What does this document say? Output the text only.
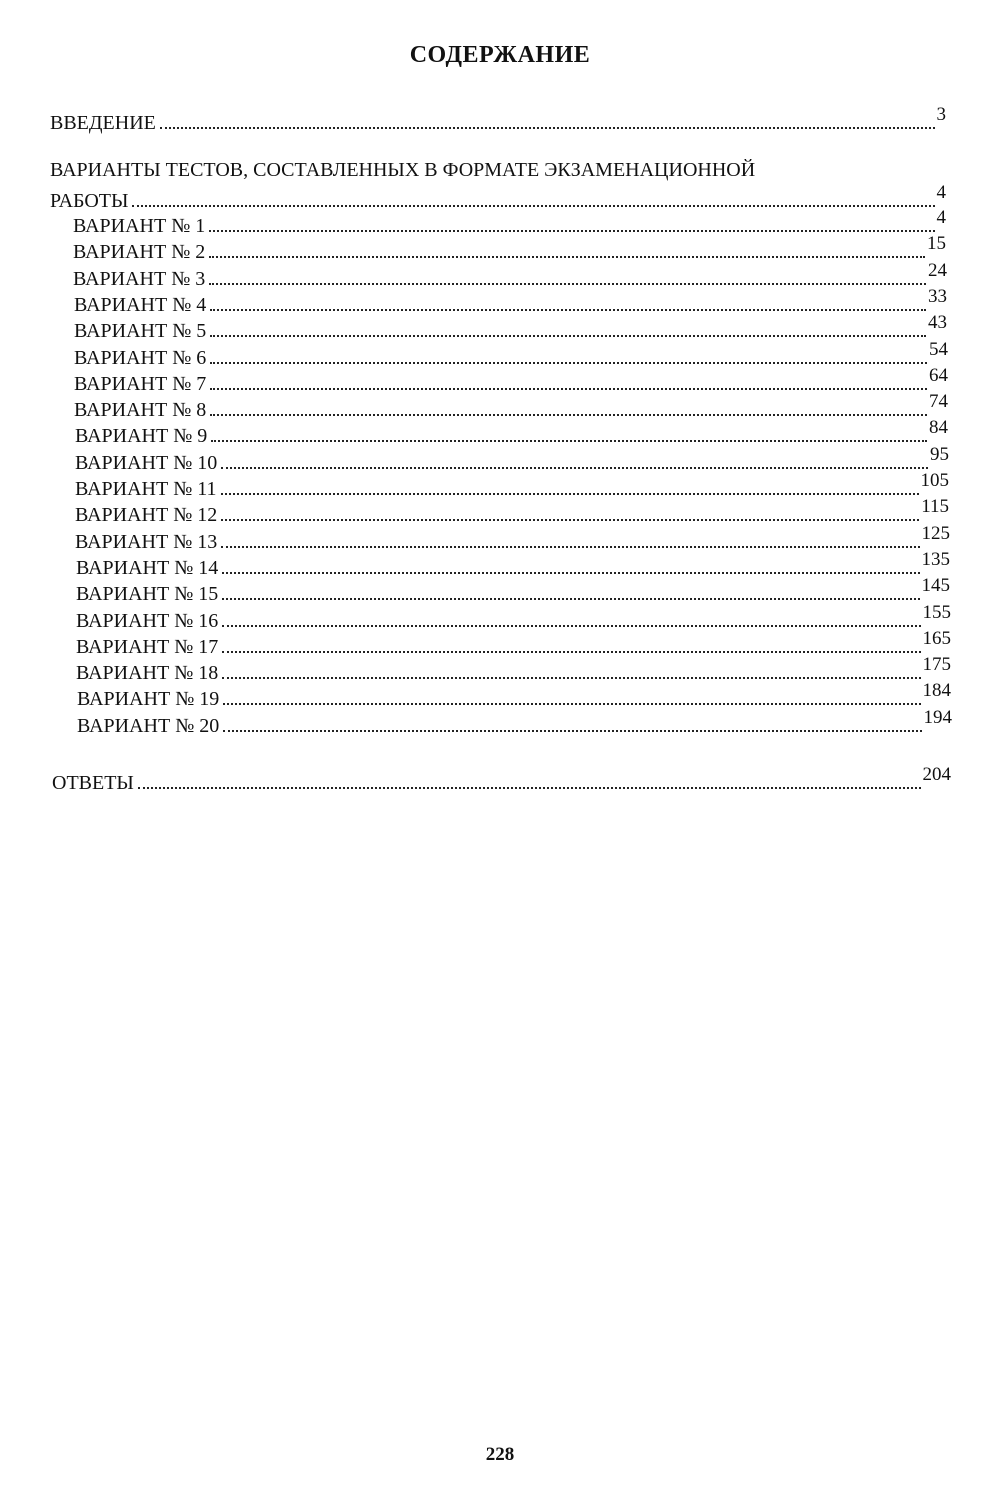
СОДЕРЖАНИЕ
ВВЕДЕНИЕ	3
ВАРИАНТЫ ТЕСТОВ, СОСТАВЛЕННЫХ В ФОРМАТЕ ЭКЗАМЕНАЦИОННОЙ
РАБОТЫ	4
ВАРИАНТ № 1	4
ВАРИАНТ № 2	15
ВАРИАНТ № 3	24
ВАРИАНТ № 4	33
ВАРИАНТ № 5	43
ВАРИАНТ № 6	54
ВАРИАНТ № 7	64
ВАРИАНТ № 8	74
ВАРИАНТ № 9	84
ВАРИАНТ № 10	95
ВАРИАНТ № 11	105
ВАРИАНТ № 12	115
ВАРИАНТ № 13	125
ВАРИАНТ № 14	135
ВАРИАНТ № 15	145
ВАРИАНТ № 16	155
ВАРИАНТ № 17	165
ВАРИАНТ № 18	175
ВАРИАНТ № 19	184
ВАРИАНТ № 20	194
ОТВЕТЫ	204
228
